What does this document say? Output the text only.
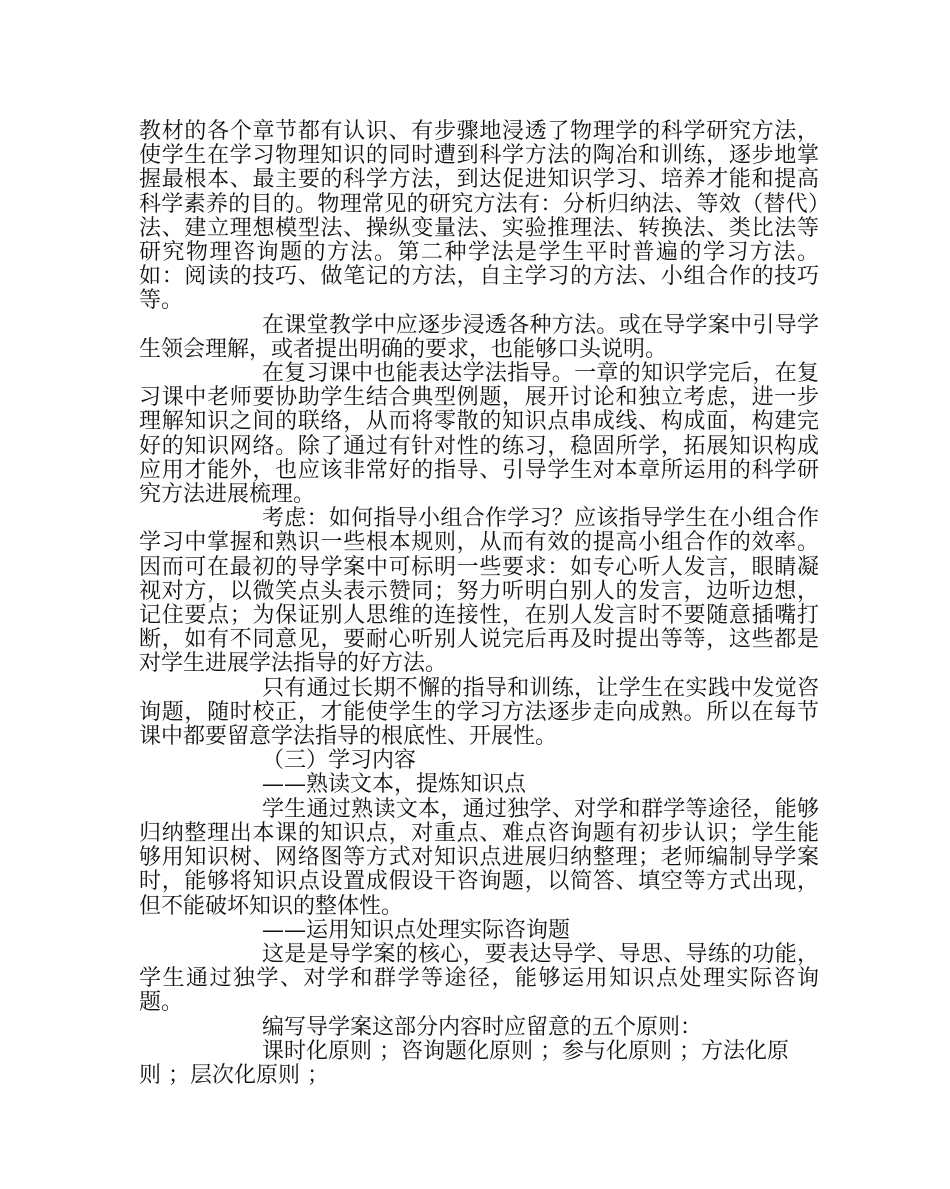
教材的各个章节都有认识、有步骤地浸透了物理学的科学研究方法，使学生在学习物理知识的同时遭到科学方法的陶冶和训练，逐步地掌握最根本、最主要的科学方法，到达促进知识学习、培养才能和提高科学素养的目的。物理常见的研究方法有：分析归纳法、等效（替代）法、建立理想模型法、操纵变量法、实验推理法、转换法、类比法等研究物理咨询题的方法。第二种学法是学生平时普遍的学习方法。如：阅读的技巧、做笔记的方法，自主学习的方法、小组合作的技巧等。

在课堂教学中应逐步浸透各种方法。或在导学案中引导学生领会理解，或者提出明确的要求，也能够口头说明。

在复习课中也能表达学法指导。一章的知识学完后，在复习课中老师要协助学生结合典型例题，展开讨论和独立考虑，进一步理解知识之间的联络，从而将零散的知识点串成线、构成面，构建完好的知识网络。除了通过有针对性的练习，稳固所学，拓展知识构成应用才能外，也应该非常好的指导、引导学生对本章所运用的科学研究方法进展梳理。

考虑：如何指导小组合作学习？应该指导学生在小组合作学习中掌握和熟识一些根本规则，从而有效的提高小组合作的效率。因而可在最初的导学案中可标明一些要求：如专心听人发言，眼睛凝视对方，以微笑点头表示赞同；努力听明白别人的发言，边听边想，记住要点；为保证别人思维的连接性，在别人发言时不要随意插嘴打断，如有不同意见，要耐心听别人说完后再及时提出等等，这些都是对学生进展学法指导的好方法。

只有通过长期不懈的指导和训练，让学生在实践中发觉咨询题，随时校正，才能使学生的学习方法逐步走向成熟。所以在每节课中都要留意学法指导的根底性、开展性。

（三）学习内容

——熟读文本，提炼知识点

学生通过熟读文本，通过独学、对学和群学等途径，能够归纳整理出本课的知识点，对重点、难点咨询题有初步认识；学生能够用知识树、网络图等方式对知识点进展归纳整理；老师编制导学案时，能够将知识点设置成假设干咨询题，以简答、填空等方式出现，但不能破坏知识的整体性。

——运用知识点处理实际咨询题

这是是导学案的核心，要表达导学、导思、导练的功能，学生通过独学、对学和群学等途径，能够运用知识点处理实际咨询题。

编写导学案这部分内容时应留意的五个原则：

课时化原则 ；咨询题化原则 ；参与化原则 ；方法化原

则 ；层次化原则 ；
